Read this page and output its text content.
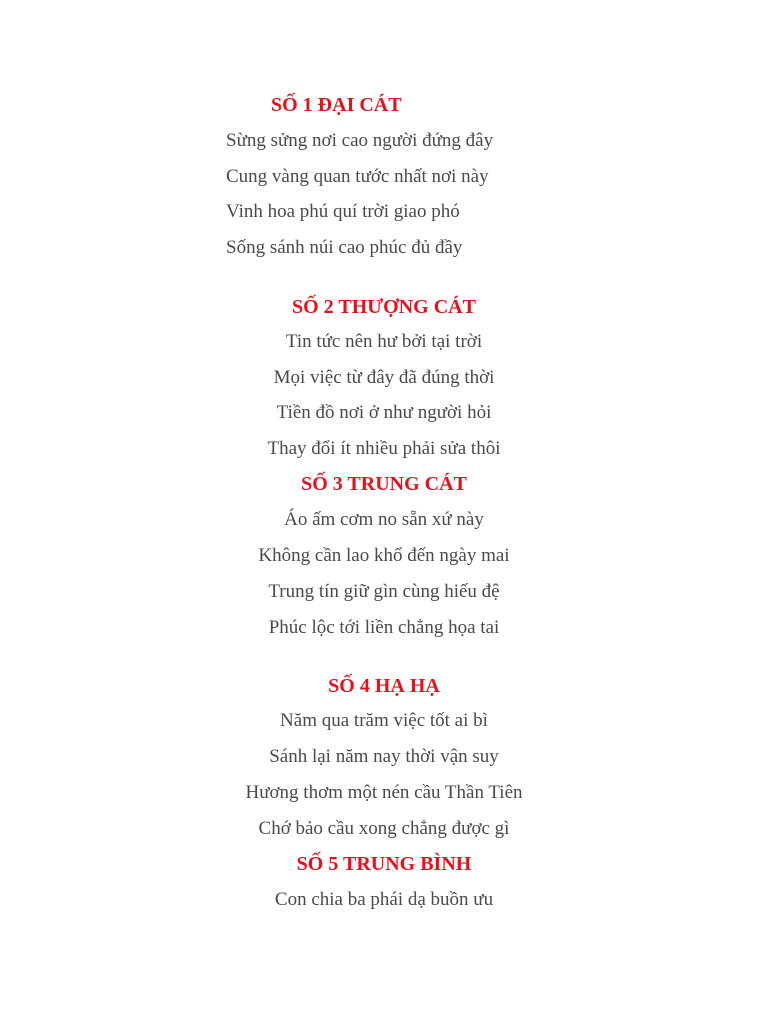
SỐ 1 ĐẠI CÁT
Sừng sửng nơi cao người đứng đây
Cung vàng quan tước nhất nơi này
Vinh hoa phú quí trời giao phó
Sống sánh núi cao phúc đủ đầy
SỐ 2 THƯỢNG CÁT
Tin tức nên hư bởi tại trời
Mọi việc từ đây đã đúng thời
Tiền đồ nơi ở như người hỏi
Thay đổi ít nhiều phải sửa thôi
SỐ 3 TRUNG CÁT
Áo ấm cơm no sẵn xứ này
Không cần lao khổ đến ngày mai
Trung tín giữ gìn cùng hiếu đệ
Phúc lộc tới liền chẳng họa tai
SỐ 4 HẠ HẠ
Năm qua trăm việc tốt ai bì
Sánh lại năm nay thời vận suy
Hương thơm một nén cầu Thần Tiên
Chớ bảo cầu xong chẳng được gì
SỐ 5 TRUNG BÌNH
Con chia ba phái dạ buồn ưu
